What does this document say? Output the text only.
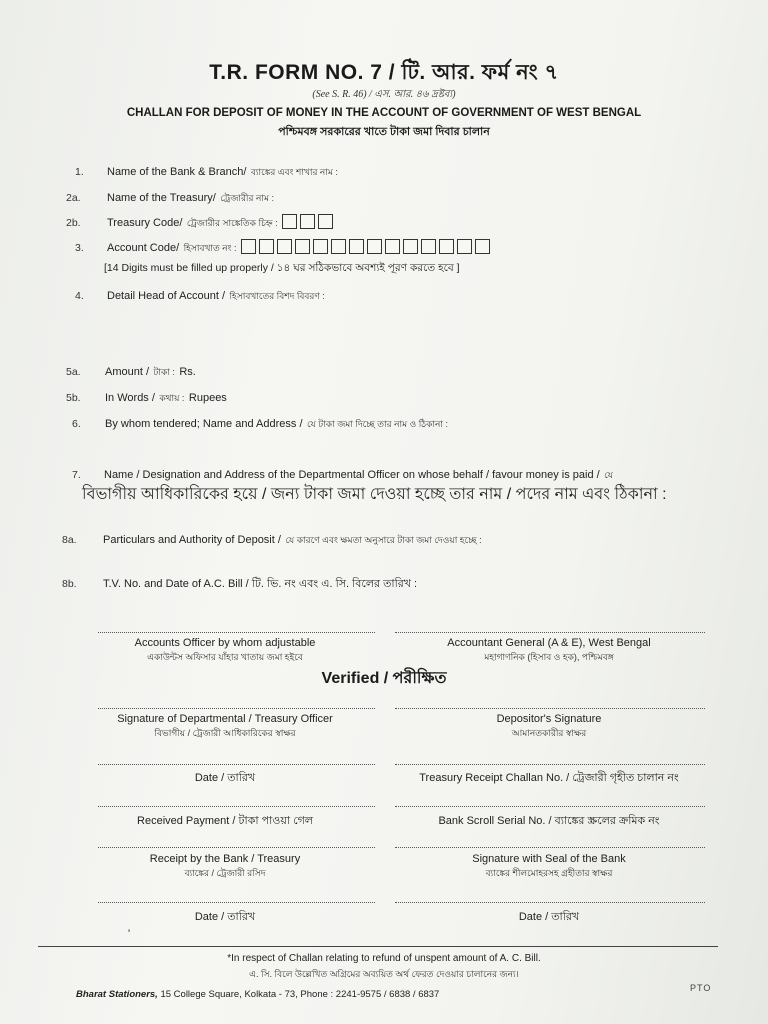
T.R. FORM NO. 7 / টি. আর. ফর্ম নং ৭
(See S. R. 46) / এস. আর. ৪৬ দ্রষ্টব্য)
CHALLAN FOR DEPOSIT OF MONEY IN THE ACCOUNT OF GOVERNMENT OF WEST BENGAL
পশ্চিমবঙ্গ সরকারের খাতে টাকা জমা দিবার চালান
1. Name of the Bank & Branch/ ব্যাঙ্কের এবং শাখার নাম :
2a. Name of the Treasury/ ট্রেজারীর নাম :
2b. Treasury Code/ ট্রেজারীর সাঙ্কেতিক চিহ্ন :
3. Account Code/ হিসাবখাত নং :
[14 Digits must be filled up properly / ১৪ ঘর সঠিকভাবে অবশ্যই পূরণ করতে হবে ]
4. Detail Head of Account / হিসাবখাতের বিশদ বিবরণ :
5a. Amount / টাকা : Rs.
5b. In Words / কথায় : Rupees
6. By whom tendered; Name and Address / যে টাকা জমা দিচ্ছে তার নাম ও ঠিকানা :
7. Name / Designation and Address of the Departmental Officer on whose behalf / favour money is paid / যে
বিভাগীয় আধিকারিকের হয়ে / জন্য টাকা জমা দেওয়া হচ্ছে তার নাম / পদের নাম এবং ঠিকানা :
8a. Particulars and Authority of Deposit / যে কারণে এবং ক্ষমতা অনুসারে টাকা জমা দেওয়া হচ্ছে :
8b. T.V. No. and Date of A.C. Bill / টি. ভি. নং এবং এ. সি. বিলের তারিখ :
Accounts Officer by whom adjustable
একাউন্টস অফিসার যাঁহার খাতায় জমা হইবে
Accountant General (A & E), West Bengal
মহাগাণনিক (হিসাব ও হক), পশ্চিমবঙ্গ
Verified / পরীক্ষিত
Signature of Departmental / Treasury Officer
বিভাগীয় / ট্রেজারী আধিকারিকের স্বাক্ষর
Depositor's Signature
আমানতকারীর স্বাক্ষর
Date / তারিখ	Treasury Receipt Challan No. / ট্রেজারী গৃহীত চালান নং
Received Payment / টাকা পাওয়া গেল	Bank Scroll Serial No. / ব্যাঙ্কের স্ক্রলের ক্রমিক নং
Receipt by the Bank / Treasury
ব্যাঙ্কের / ট্রেজারী রসিদ
Signature with Seal of the Bank
ব্যাঙ্কের শীলমোহরসহ গ্রহীতার স্বাক্ষর
Date / তারিখ	Date / তারিখ
'
*In respect of Challan relating to refund of unspent amount of A. C. Bill.
এ. সি. বিলে উল্লেখিত অগ্রিমের অব্যয়িত অর্থ ফেরত দেওয়ার চালানের জন্য।
Bharat Stationers, 15 College Square, Kolkata - 73, Phone : 2241-9575 / 6838 / 6837
PTO
